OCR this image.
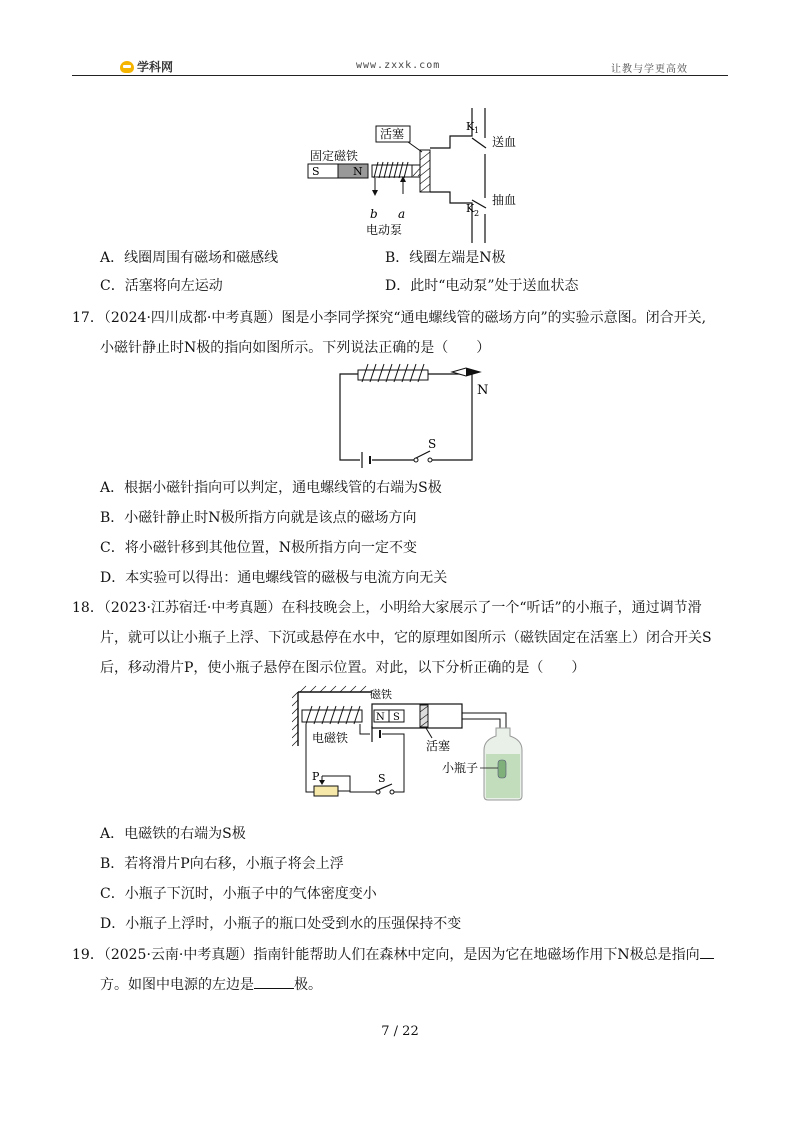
学科网	www.zxxk.com	让教与学更高效
固定磁铁
S	N
活塞
K 1
K 2
送血
抽血
b a
电动泵
A．线圈周围有磁场和磁感线	B．线圈左端是N极
C．活塞将向左运动	D．此时“电动泵”处于送血状态
17．（2024·四川成都·中考真题）图是小李同学探究“通电螺线管的磁场方向”的实验示意图。闭合开关,
小磁针静止时N极的指向如图所示。下列说法正确的是（　　）
N
S
A．根据小磁针指向可以判定，通电螺线管的右端为S极
B．小磁针静止时N极所指方向就是该点的磁场方向
C．将小磁针移到其他位置，N极所指方向一定不变
D．本实验可以得出：通电螺线管的磁极与电流方向无关
18．（2023·江苏宿迁·中考真题）在科技晚会上，小明给大家展示了一个“听话”的小瓶子，通过调节滑
片，就可以让小瓶子上浮、下沉或悬停在水中，它的原理如图所示（磁铁固定在活塞上）闭合开关S
后，移动滑片P，使小瓶子悬停在图示位置。对此，以下分析正确的是（　　）
电磁铁
N S
磁铁
活塞
小瓶子
P	S
A．电磁铁的右端为S极
B．若将滑片P向右移，小瓶子将会上浮
C．小瓶子下沉时，小瓶子中的气体密度变小
D．小瓶子上浮时，小瓶子的瓶口处受到水的压强保持不变
19．（2025·云南·中考真题）指南针能帮助人们在森林中定向，是因为它在地磁场作用下N极总是指向
方。如图中电源的左边是	极。
7 / 22
